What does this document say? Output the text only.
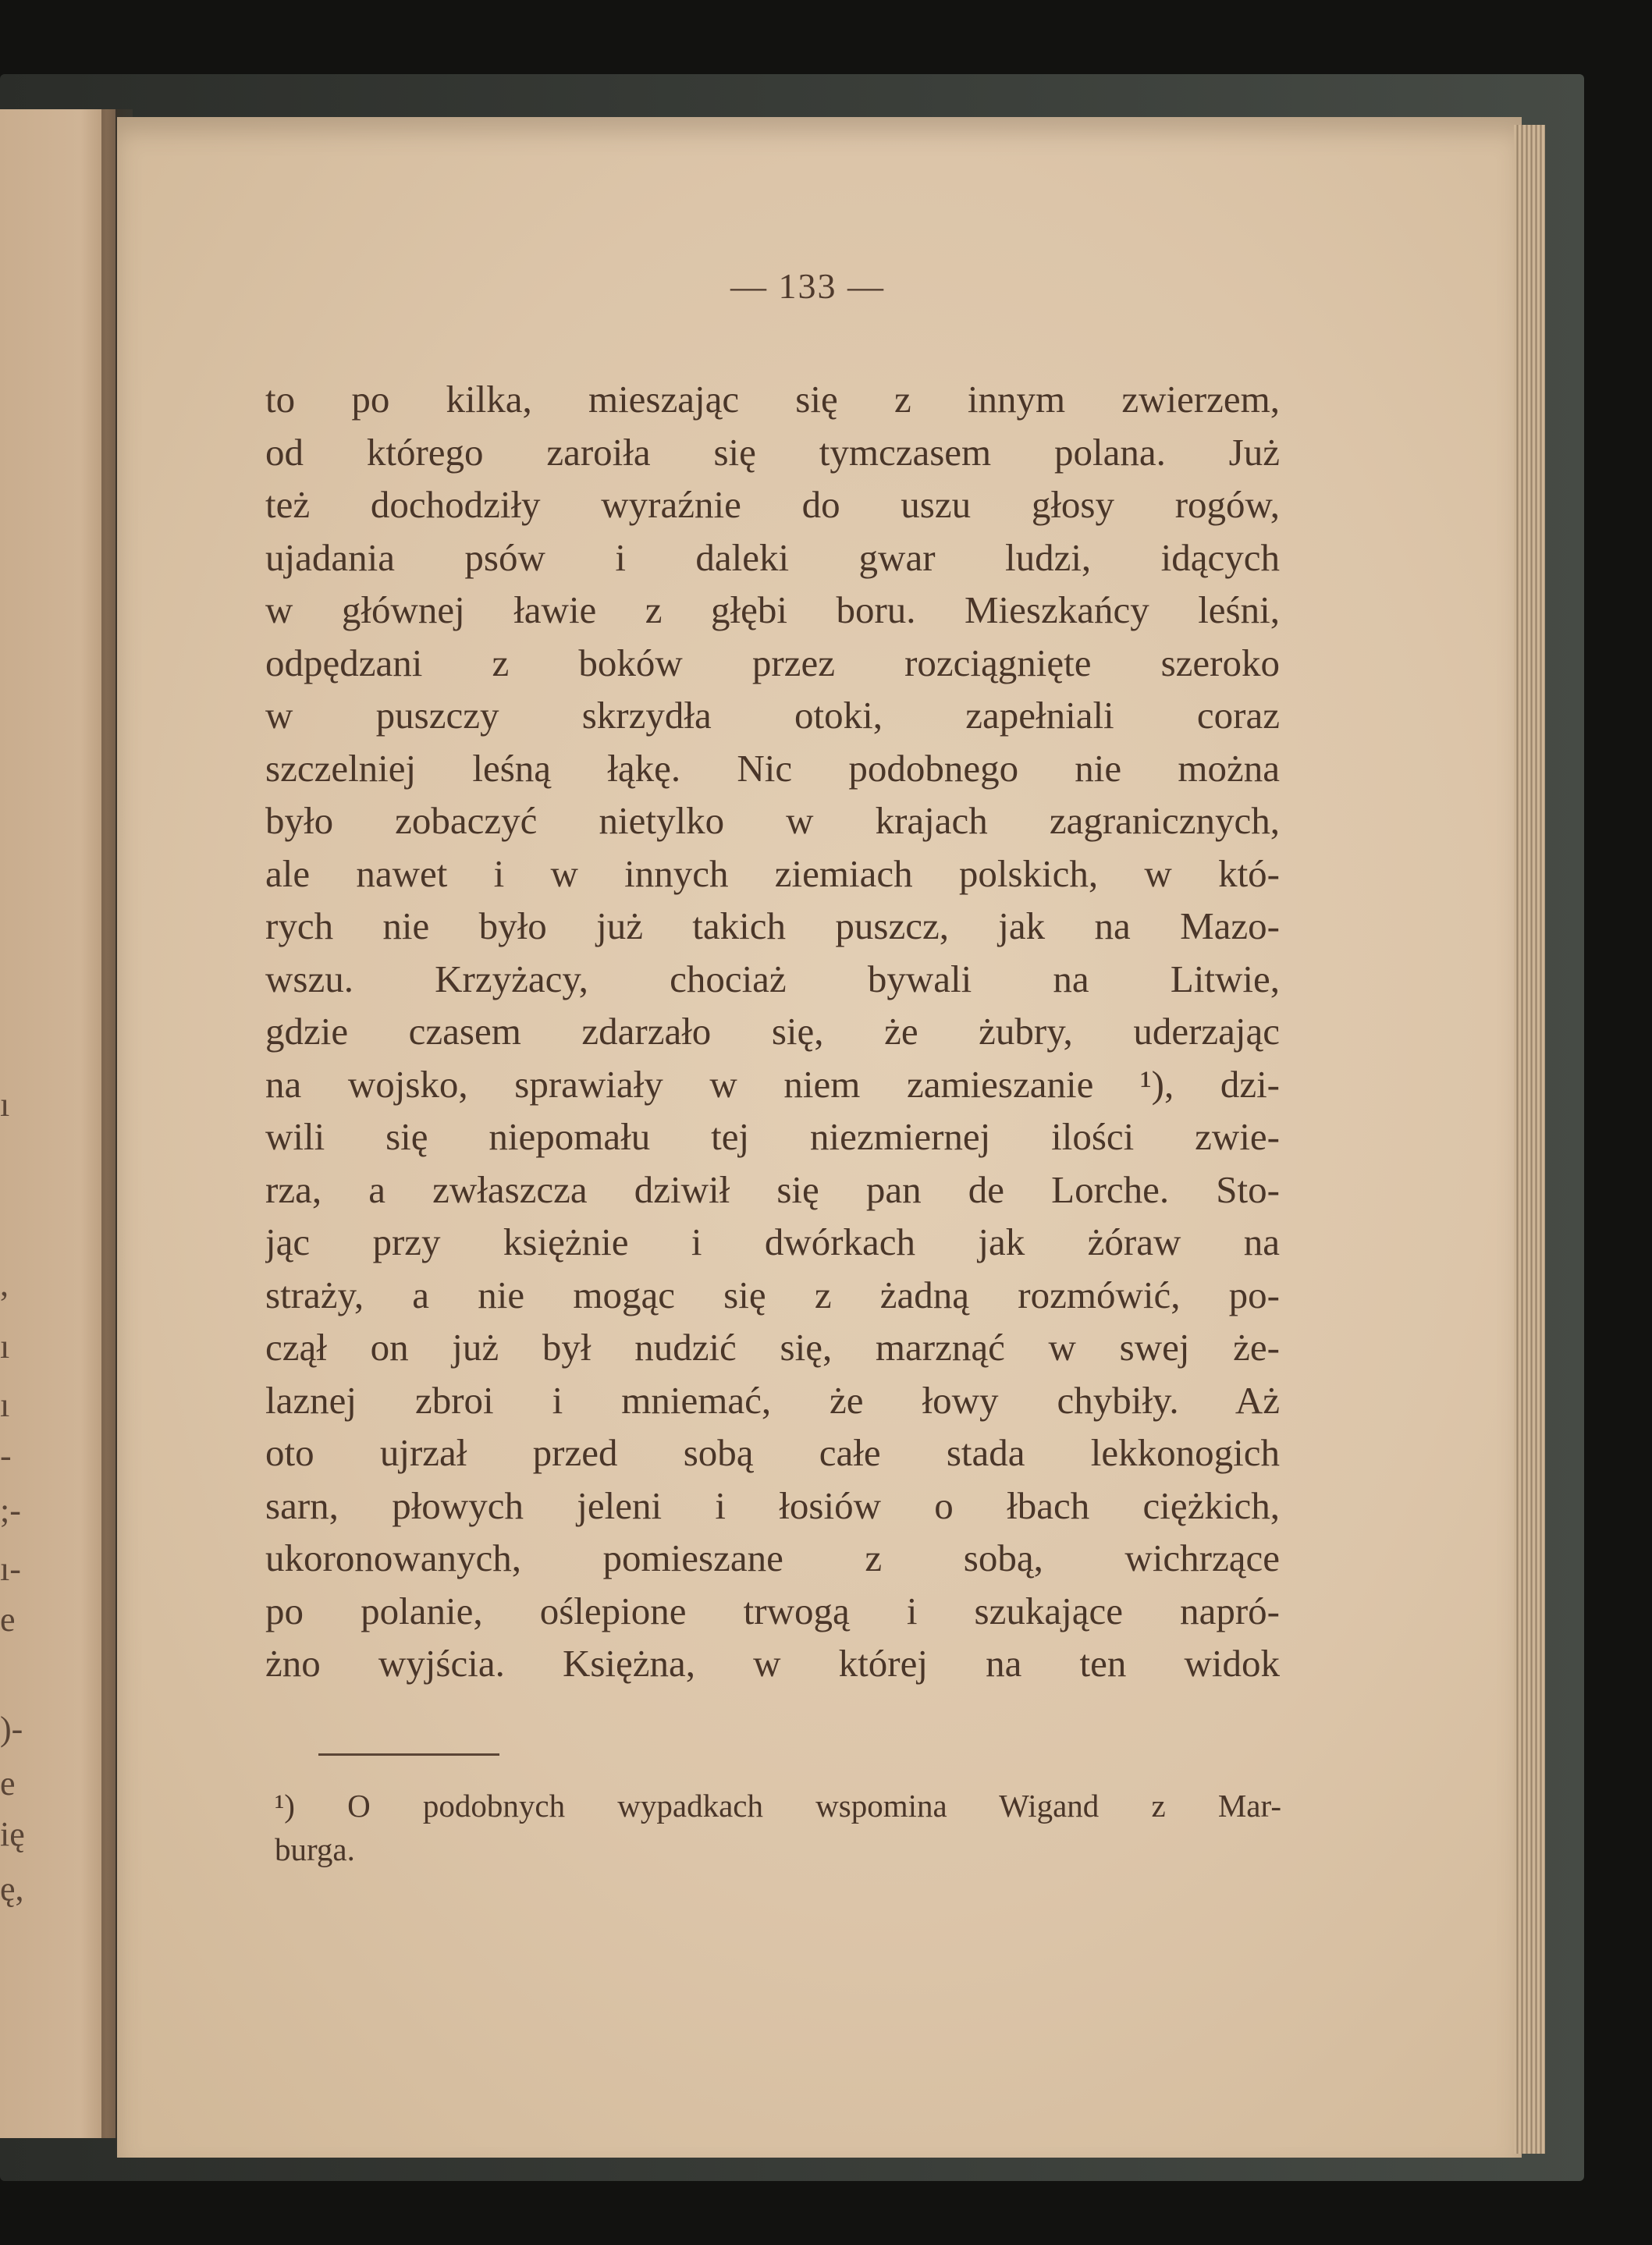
ı
,
ı
ı
-
;-
ı-
e
)-
e
ię
ę,
— 133 —
to po kilka, mieszając się z innym zwierzem,
od którego zaroiła się tymczasem polana. Już
też dochodziły wyraźnie do uszu głosy rogów,
ujadania psów i daleki gwar ludzi, idących
w głównej ławie z głębi boru. Mieszkańcy leśni,
odpędzani z boków przez rozciągnięte szeroko
w puszczy skrzydła otoki, zapełniali coraz
szczelniej leśną łąkę. Nic podobnego nie można
było zobaczyć nietylko w krajach zagranicznych,
ale nawet i w innych ziemiach polskich, w któ-
rych nie było już takich puszcz, jak na Mazo-
wszu. Krzyżacy, chociaż bywali na Litwie,
gdzie czasem zdarzało się, że żubry, uderzając
na wojsko, sprawiały w niem zamieszanie ¹), dzi-
wili się niepomału tej niezmiernej ilości zwie-
rza, a zwłaszcza dziwił się pan de Lorche. Sto-
jąc przy księżnie i dwórkach jak żóraw na
straży, a nie mogąc się z żadną rozmówić, po-
czął on już był nudzić się, marznąć w swej że-
laznej zbroi i mniemać, że łowy chybiły. Aż
oto ujrzał przed sobą całe stada lekkonogich
sarn, płowych jeleni i łosiów o łbach ciężkich,
ukoronowanych, pomieszane z sobą, wichrzące
po polanie, oślepione trwogą i szukające napró-
żno wyjścia. Księżna, w której na ten widok
¹) O podobnych wypadkach wspomina Wigand z Mar-
burga.
